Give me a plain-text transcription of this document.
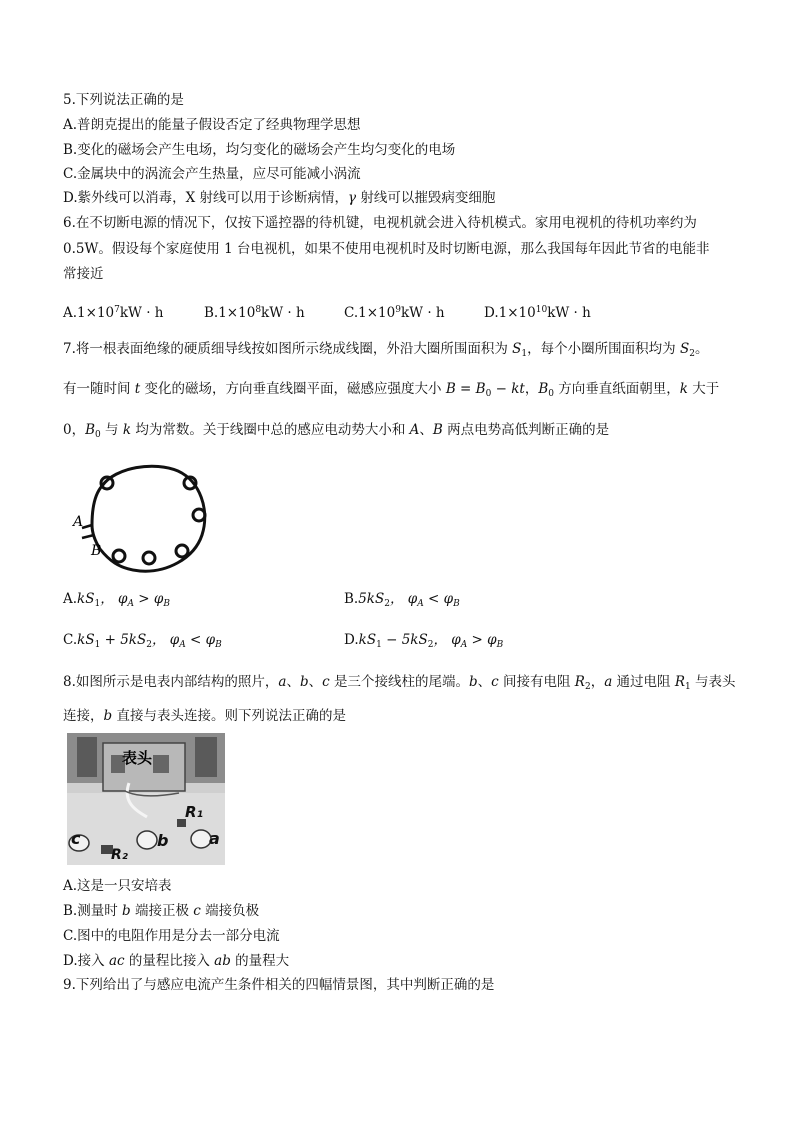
5.下列说法正确的是
A.普朗克提出的能量子假设否定了经典物理学思想
B.变化的磁场会产生电场，均匀变化的磁场会产生均匀变化的电场
C.金属块中的涡流会产生热量，应尽可能减小涡流
D.紫外线可以消毒，X 射线可以用于诊断病情，γ 射线可以摧毁病变细胞
6.在不切断电源的情况下，仅按下遥控器的待机键，电视机就会进入待机模式。家用电视机的待机功率约为
0.5W。假设每个家庭使用 1 台电视机，如果不使用电视机时及时切断电源，那么我国每年因此节省的电能非
常接近
$A.1\times 10^7kW \cdot h$	$B.1\times 10^8kW \cdot h$	$C.1\times 10^9kW \cdot h$	$D.1\times 10^{10}kW \cdot h$
7.将一根表面绝缘的硬质细导线按如图所示绕成线圈，外沿大圈所围面积为 $S_1$，每个小圈所围面积均为 $S_2$。
有一随时间 t 变化的磁场，方向垂直线圈平面，磁感应强度大小 $B = B_0$ − kt，$B_0$ 方向垂直纸面朝里，k 大于
0，$B_0$ 与 k 均为常数。关于线圈中总的感应电动势大小和 A、B 两点电势高低判断正确的是
A
B
$A.kS_1$， $\varphi_A > \varphi_B$	$B.5kS_2$， $\varphi_A < \varphi_B$
$C.kS_1 + 5kS_2$， $\varphi_A < \varphi_B$	$D.kS_1 - 5kS_2$， $\varphi_A > \varphi_B$
8.如图所示是电表内部结构的照片，a、b、c 是三个接线柱的尾端。b、c 间接有电阻 $R_2$，a 通过电阻 $R_1$ 与表头
连接，b 直接与表头连接。则下列说法正确的是
表头
R₁
a
b
c
R₂
A.这是一只安培表
B.测量时 b 端接正极 c 端接负极
C.图中的电阻作用是分去一部分电流
D.接入 ac 的量程比接入 ab 的量程大
9.下列给出了与感应电流产生条件相关的四幅情景图，其中判断正确的是
